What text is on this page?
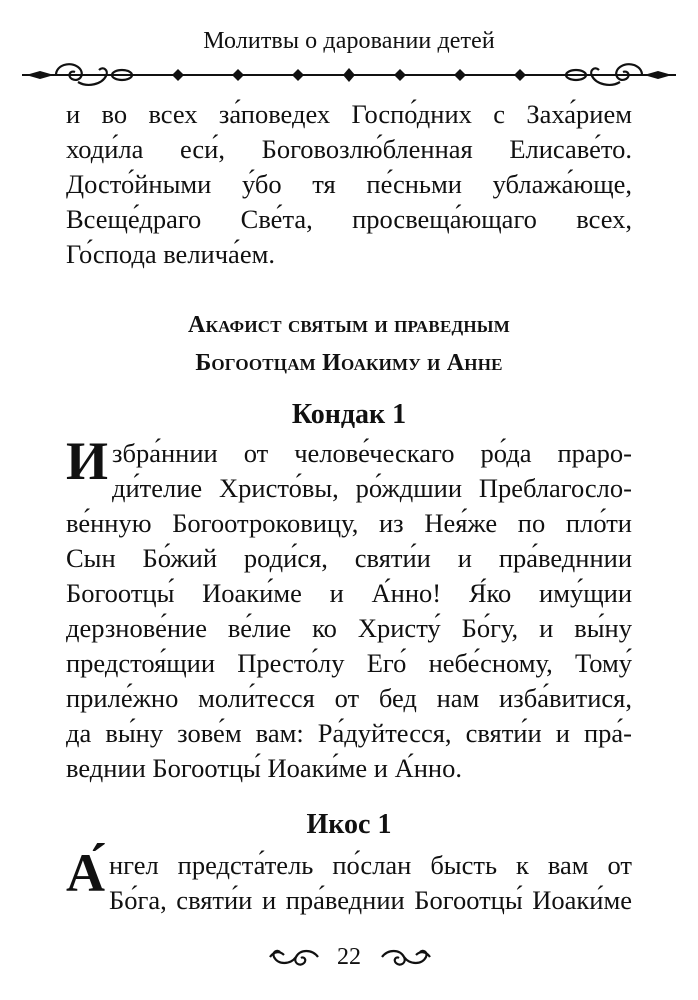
Молитвы о даровании детей
и во всех за́поведех Госпо́дних с Заха́рием
ходи́ла еси́, Боговозлю́бленная Елисаве́то.
Досто́йными у́бо тя пе́сньми ублажа́юще,
Всеще́драго Све́та, просвеща́ющаго всех,
Го́спода велича́ем.
Акафист святым и праведным
Богоотцам Иоакиму и Анне
Кондак 1
И збра́ннии от челове́ческаго ро́да праро-
ди́телие Христо́вы, ро́ждшии Преблагосло-
ве́нную Богоотроковицу, из Нея́же по пло́ти
Сын Бо́жий роди́ся, святи́и и пра́ведннии
Богоотцы́ Иоаки́ме и А́нно! Я́ко иму́щии
дерзнове́ние ве́лие ко Христу́ Бо́гу, и вы́ну
предстоя́щии Престо́лу Его́ небе́сному, Тому́
приле́жно моли́тесся от бед нам изба́витися,
да вы́ну зове́м вам: Ра́дуйтесся, святи́и и пра́-
веднии Богоотцы́ Иоаки́ме и А́нно.
Икос 1
А́ нгел предста́тель по́слан бысть к вам от
Бо́га, святи́и и пра́веднии Богоотцы́ Иоаки́ме
22
